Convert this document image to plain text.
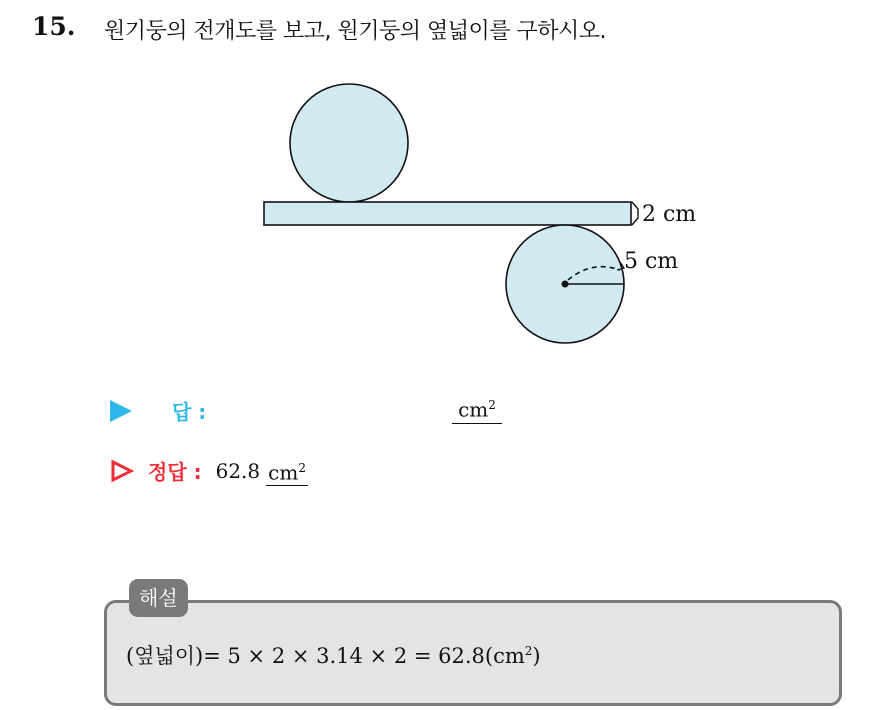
15. 원기둥의 전개도를 보고, 원기둥의 옆넓이를 구하시오.
2 cm
5 cm
답 :	$cm^2$
정답 : 62.8 $cm^2$
해설
(옆넓이)= $5 \times 2 \times 3.14 \times 2 = 62.8(cm^2)$
